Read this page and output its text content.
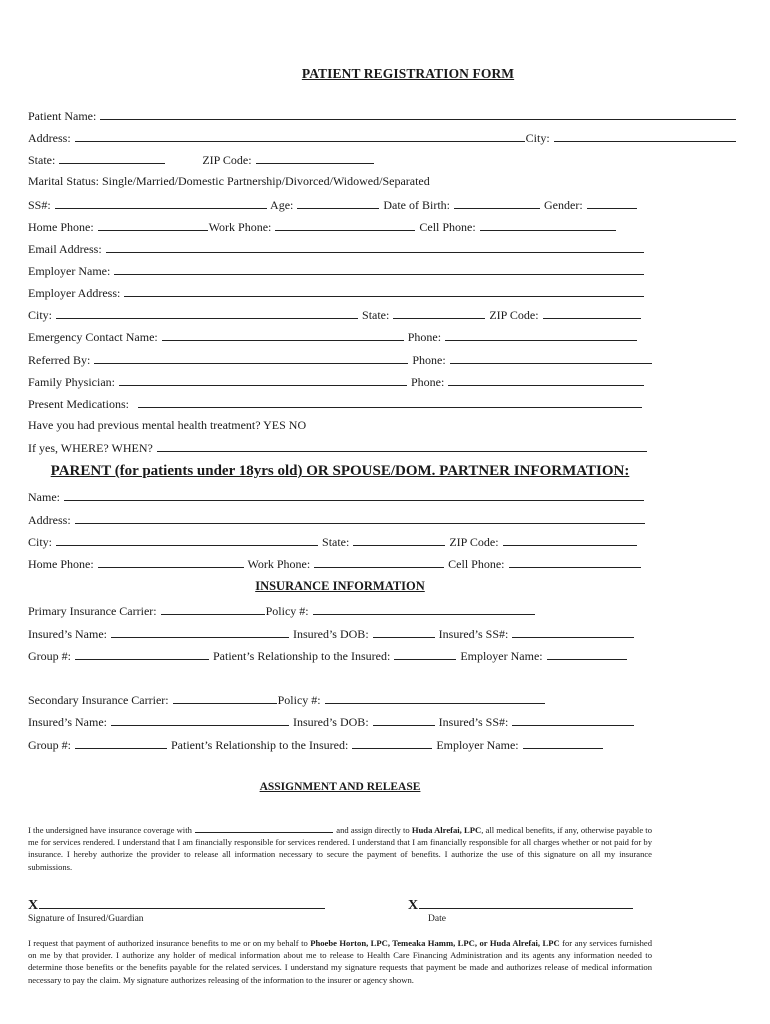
PATIENT REGISTRATION FORM
Patient Name:
Address:	City:
State:	ZIP Code:
Marital Status: Single/Married/Domestic Partnership/Divorced/Widowed/Separated
SS#:	Age:	Date of Birth:	Gender:
Home Phone:	Work Phone:	Cell Phone:
Email Address:
Employer Name:
Employer Address:
City:	State:	ZIP Code:
Emergency Contact Name:	Phone:
Referred By:	Phone:
Family Physician:	Phone:
Present Medications:
Have you had previous mental health treatment? YES NO
If yes, WHERE? WHEN?
PARENT (for patients under 18yrs old) OR SPOUSE/DOM. PARTNER INFORMATION:
Name:
Address:
City:	State:	ZIP Code:
Home Phone:	Work Phone:	Cell Phone:
INSURANCE INFORMATION
Primary Insurance Carrier:	Policy #:
Insured’s Name:	Insured’s DOB:	Insured’s SS#:
Group #:	Patient’s Relationship to the Insured:	Employer Name:
Secondary Insurance Carrier:	Policy #:
Insured’s Name:	Insured’s DOB:	Insured’s SS#:
Group #:	Patient’s Relationship to the Insured:	Employer Name:
ASSIGNMENT AND RELEASE
I the undersigned have insurance coverage with	and assign directly to Huda Alrefai, LPC, all medical benefits, if any, otherwise payable to me for services rendered. I understand that I am financially responsible for services rendered. I understand that I am financially responsible for all charges whether or not paid for by insurance. I hereby authorize the provider to release all information necessary to secure the payment of benefits. I authorize the use of this signature on all my insurance submissions.
X
Signature of Insured/Guardian
X
Date
I request that payment of authorized insurance benefits to me or on my behalf to Phoebe Horton, LPC, Temeaka Hamm, LPC, or Huda Alrefai, LPC for any services furnished on me by that provider. I authorize any holder of medical information about me to release to Health Care Financing Administration and its agents any information needed to determine those benefits or the benefits payable for the related services. I understand my signature requests that payment be made and authorizes release of medical information necessary to pay the claim. My signature authorizes releasing of the information to the insurer or agency shown.
